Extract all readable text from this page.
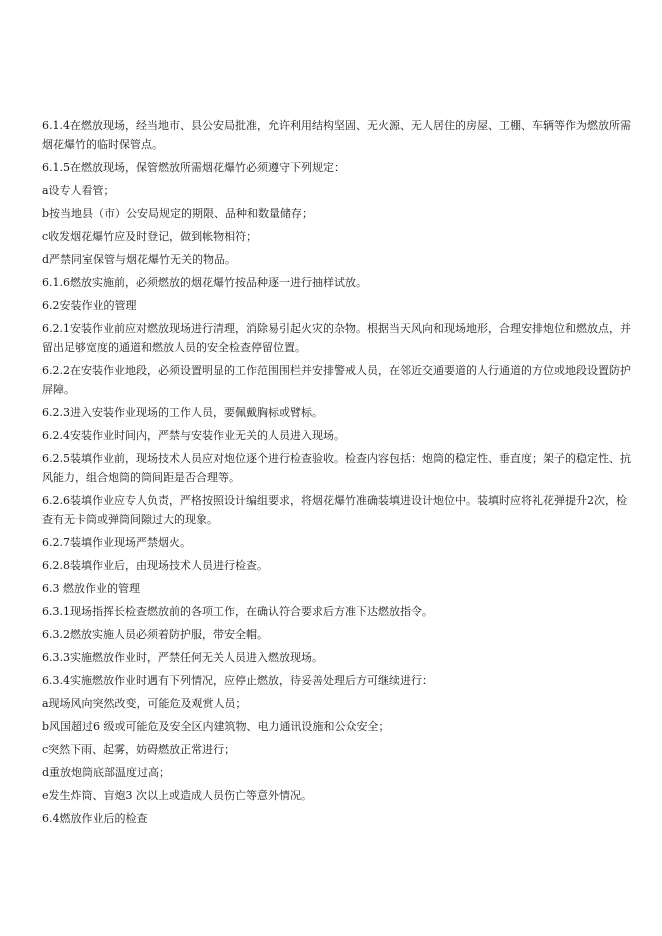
6.1.4在燃放现场，经当地市、县公安局批准，允许利用结构坚固、无火源、无人居住的房屋、工棚、车辆等作为燃放所需烟花爆竹的临时保管点。

6.1.5在燃放现场，保管燃放所需烟花爆竹必须遵守下列规定：

a设专人看管；

b按当地县（市）公安局规定的期限、品种和数量储存；

c收发烟花爆竹应及时登记，做到帐物相符；

d严禁同室保管与烟花爆竹无关的物品。

6.1.6燃放实施前，必须燃放的烟花爆竹按品种逐一进行抽样试放。

6.2安装作业的管理

6.2.1安装作业前应对燃放现场进行清理，消除易引起火灾的杂物。根据当天风向和现场地形，合理安排炮位和燃放点，并留出足够宽度的通道和燃放人员的安全检查停留位置。

6.2.2在安装作业地段，必须设置明显的工作范围围栏并安排警戒人员，在邻近交通要道的人行通道的方位或地段设置防护屏障。

6.2.3进入安装作业现场的工作人员，要佩戴胸标或臂标。

6.2.4安装作业时间内，严禁与安装作业无关的人员进入现场。

6.2.5装填作业前，现场技术人员应对炮位逐个进行检查验收。检查内容包括：炮筒的稳定性、垂直度；架子的稳定性、抗风能力，组合炮筒的筒间距是否合理等。

6.2.6装填作业应专人负责，严格按照设计编组要求，将烟花爆竹准确装填进设计炮位中。装填时应将礼花弹提升2次，检查有无卡筒或弹筒间隙过大的现象。

6.2.7装填作业现场严禁烟火。

6.2.8装填作业后，由现场技术人员进行检查。

6.3 燃放作业的管理

6.3.1现场指挥长检查燃放前的各项工作，在确认符合要求后方准下达燃放指令。

6.3.2燃放实施人员必须着防护服，带安全帽。

6.3.3实施燃放作业时，严禁任何无关人员进入燃放现场。

6.3.4实施燃放作业时遇有下列情况，应停止燃放，待妥善处理后方可继续进行：

a现场风向突然改变，可能危及观赏人员；

b风国超过6 级或可能危及安全区内建筑物、电力通讯设施和公众安全；

c突然下雨、起雾，妨碍燃放正常进行；

d重放炮筒底部温度过高；

e发生炸筒、盲炮3 次以上或造成人员伤亡等意外情况。

6.4燃放作业后的检查
